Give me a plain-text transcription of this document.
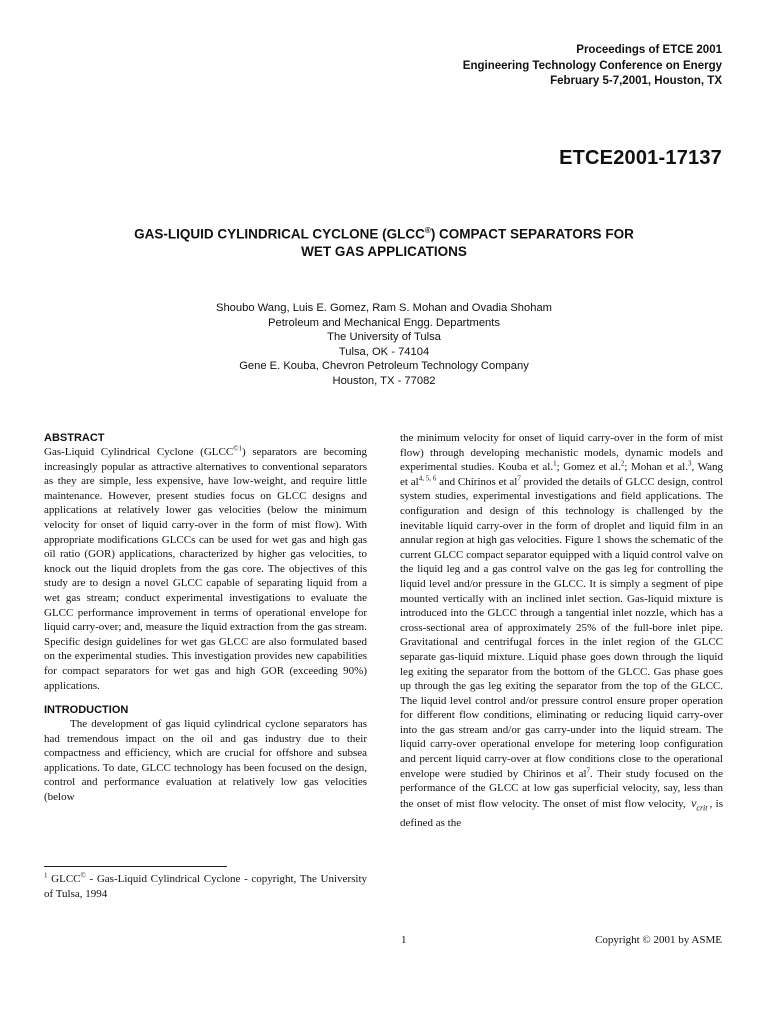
Proceedings of ETCE 2001
Engineering Technology Conference on Energy
February 5-7,2001, Houston, TX
ETCE2001-17137
GAS-LIQUID CYLINDRICAL CYCLONE (GLCC®) COMPACT SEPARATORS FOR
WET GAS APPLICATIONS
Shoubo Wang, Luis E. Gomez, Ram S. Mohan and Ovadia Shoham
Petroleum and Mechanical Engg. Departments
The University of Tulsa
Tulsa, OK - 74104
Gene E. Kouba, Chevron Petroleum Technology Company
Houston, TX - 77082

ABSTRACT

Gas-Liquid Cylindrical Cyclone $(GLCC^{©1})$ separators are becoming increasingly popular as attractive alternatives to conventional separators as they are simple, less expensive, have low-weight, and require little maintenance. However, present studies focus on GLCC designs and applications at relatively lower gas velocities (below the minimum velocity for onset of liquid carry-over in the form of mist flow). With appropriate modifications GLCCs can be used for wet gas and high gas oil ratio (GOR) applications, characterized by higher gas velocities, to knock out the liquid droplets from the gas core. The objectives of this study are to design a novel GLCC capable of separating liquid from a wet gas stream; conduct experimental investigations to evaluate the GLCC performance improvement in terms of operational envelope for liquid carry-over; and, measure the liquid extraction from the gas stream. Specific design guidelines for wet gas GLCC are also formulated based on the experimental studies. This investigation provides new capabilities for compact separators for wet gas and high GOR (exceeding 90%) applications.

INTRODUCTION

The development of gas liquid cylindrical cyclone separators has had tremendous impact on the oil and gas industry due to their compactness and efficiency, which are crucial for offshore and subsea applications. To date, GLCC technology has been focused on the design, control and performance evaluation at relatively low gas velocities (below

the minimum velocity for onset of liquid carry-over in the form of mist flow) through developing mechanistic models, dynamic models and experimental studies. Kouba et al.$^1$; Gomez et al.$^2$; Mohan et al.$^3$, Wang et al$^{4, 5, 6}$ and Chirinos et $al^7$ provided the details of GLCC design, control system studies, experimental investigations and field applications. The configuration and design of this technology is challenged by the inevitable liquid carry-over in the form of droplet and liquid film in an annular region at high gas velocities. Figure 1 shows the schematic of the current GLCC compact separator equipped with a liquid control valve on the liquid leg and a gas control valve on the gas leg for controlling the liquid level and/or pressure in the GLCC. It is simply a segment of pipe mounted vertically with an inclined inlet section. Gas-liquid mixture is introduced into the GLCC through a tangential inlet nozzle, which has a cross-sectional area of approximately 25% of the full-bore inlet pipe. Gravitational and centrifugal forces in the inlet region of the GLCC separate gas-liquid mixture. Liquid phase goes down through the liquid leg exiting the separator from the bottom of the GLCC. Gas phase goes up through the gas leg exiting the separator from the top of the GLCC. The liquid level control and/or pressure control ensure proper operation for different flow conditions, eliminating or reducing liquid carry-over into the gas stream and/or gas carry-under into the liquid stream. The liquid carry-over operational envelope for metering loop configuration and percent liquid carry-over at flow conditions close to the operational envelope were studied by Chirinos et $al^7$. Their study focused on the performance of the GLCC at low gas superficial velocity, say, less than the onset of mist flow velocity. The onset of mist flow velocity, $v_{crit}$ , is defined as the

$^1$ GLCC© - Gas-Liquid Cylindrical Cyclone - copyright, The University of Tulsa, 1994
1	Copyright © 2001 by ASME
